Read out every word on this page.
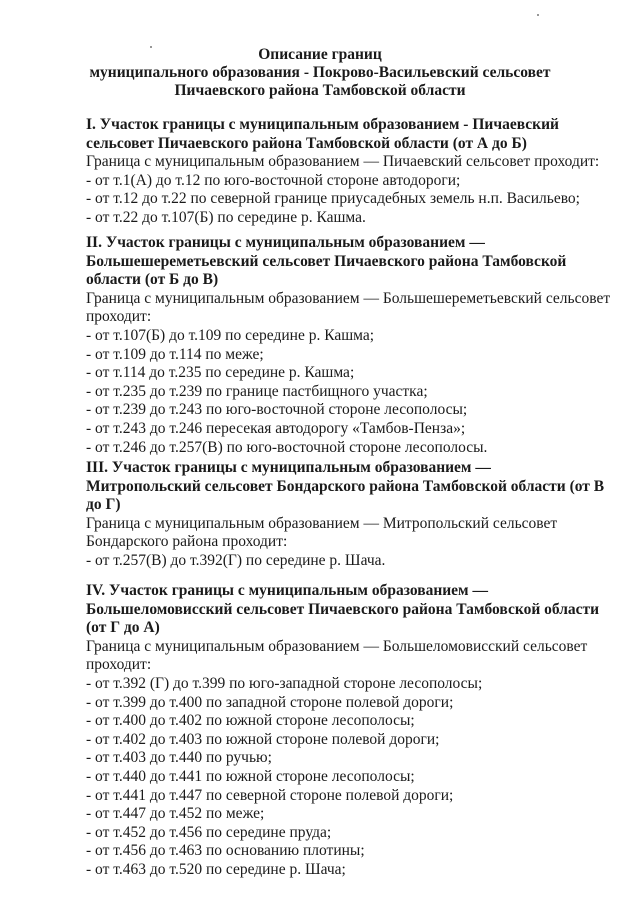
Описание границ
муниципального образования - Покрово-Васильевский сельсовет
Пичаевского района Тамбовской области
I. Участок границы с муниципальным образованием - Пичаевский
сельсовет Пичаевского района Тамбовской области (от А до Б)
Граница с муниципальным образованием — Пичаевский сельсовет проходит:
- от т.1(А) до т.12 по юго-восточной стороне автодороги;
- от т.12 до т.22 по северной границе приусадебных земель н.п. Васильево;
- от т.22 до т.107(Б) по середине р. Кашма.
II. Участок границы с муниципальным образованием —
Большешереметьевский сельсовет Пичаевского района Тамбовской
области (от Б до В)
Граница с муниципальным образованием — Большешереметьевский сельсовет
проходит:
- от т.107(Б) до т.109 по середине р. Кашма;
- от т.109 до т.114 по меже;
- от т.114 до т.235 по середине р. Кашма;
- от т.235 до т.239 по границе пастбищного участка;
- от т.239 до т.243 по юго-восточной стороне лесополосы;
- от т.243 до т.246 пересекая автодорогу «Тамбов-Пенза»;
- от т.246 до т.257(В) по юго-восточной стороне лесополосы.
III. Участок границы с муниципальным образованием —
Митропольский сельсовет Бондарского района Тамбовской области (от В
до Г)
Граница с муниципальным образованием — Митропольский сельсовет
Бондарского района проходит:
- от т.257(В) до т.392(Г) по середине р. Шача.
IV. Участок границы с муниципальным образованием —
Большеломовисский сельсовет Пичаевского района Тамбовской области
(от Г до А)
Граница с муниципальным образованием — Большеломовисский сельсовет
проходит:
- от т.392 (Г) до т.399 по юго-западной стороне лесополосы;
- от т.399 до т.400 по западной стороне полевой дороги;
- от т.400 до т.402 по южной стороне лесополосы;
- от т.402 до т.403 по южной стороне полевой дороги;
- от т.403 до т.440 по ручью;
- от т.440 до т.441 по южной стороне лесополосы;
- от т.441 до т.447 по северной стороне полевой дороги;
- от т.447 до т.452 по меже;
- от т.452 до т.456 по середине пруда;
- от т.456 до т.463 по основанию плотины;
- от т.463 до т.520 по середине р. Шача;
